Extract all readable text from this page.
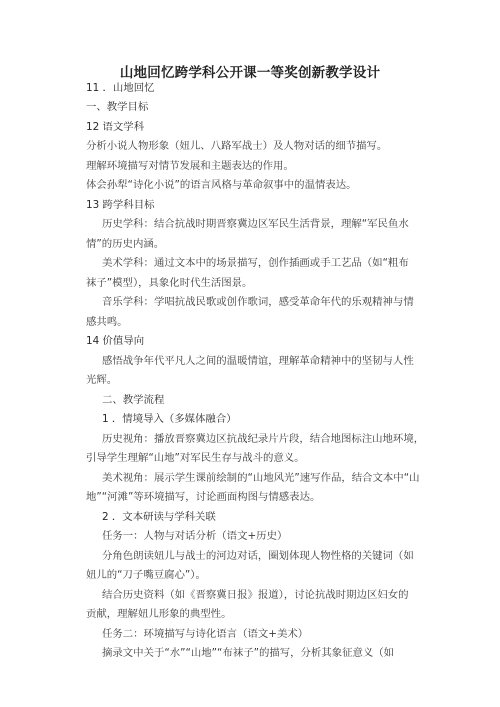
山地回忆跨学科公开课一等奖创新教学设计
11 ．山地回忆
一、教学目标
12 语文学科
分析小说人物形象（妞儿、八路军战士）及人物对话的细节描写。
理解环境描写对情节发展和主题表达的作用。
体会孙犁“诗化小说”的语言风格与革命叙事中的温情表达。
13 跨学科目标
历史学科：结合抗战时期晋察冀边区军民生活背景，理解“军民鱼水
情”的历史内涵。
美术学科：通过文本中的场景描写，创作插画或手工艺品（如“粗布
袜子”模型），具象化时代生活图景。
音乐学科：学唱抗战民歌或创作歌词，感受革命年代的乐观精神与情
感共鸣。
14 价值导向
感悟战争年代平凡人之间的温暖情谊，理解革命精神中的坚韧与人性
光辉。
二、教学流程
1 ．情境导入（多媒体融合）
历史视角：播放晋察冀边区抗战纪录片片段，结合地图标注山地环境，
引导学生理解“山地”对军民生存与战斗的意义。
美术视角：展示学生课前绘制的“山地风光”速写作品，结合文本中“山
地”“河滩”等环境描写，讨论画面构图与情感表达。
2 ．文本研读与学科关联
任务一：人物与对话分析（语文+历史）
分角色朗读妞儿与战士的河边对话，圈划体现人物性格的关键词（如
妞儿的“刀子嘴豆腐心”）。
结合历史资料（如《晋察冀日报》报道），讨论抗战时期边区妇女的
贡献，理解妞儿形象的典型性。
任务二：环境描写与诗化语言（语文+美术）
摘录文中关于“水”“山地”“布袜子”的描写，分析其象征意义（如
